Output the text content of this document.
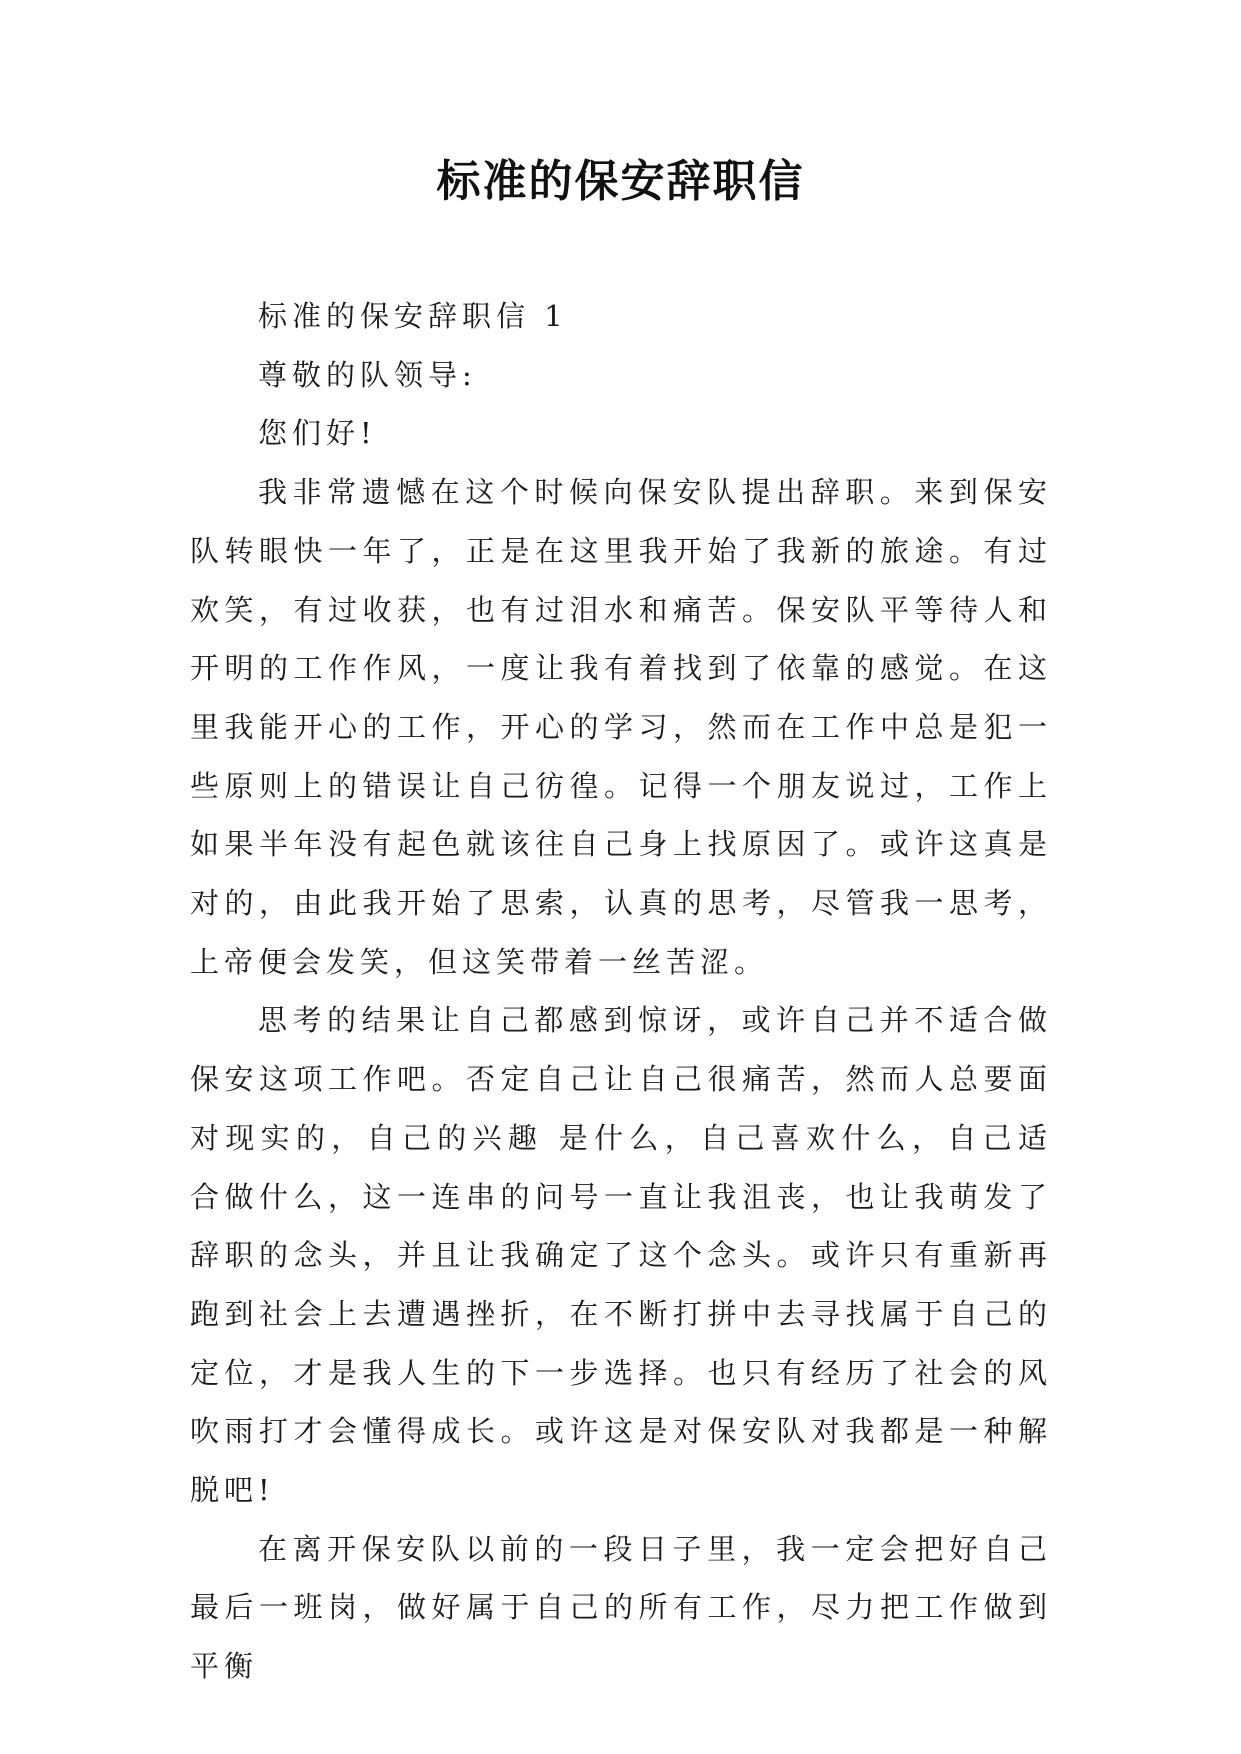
标准的保安辞职信

标准的保安辞职信 1

尊敬的队领导:

您们好!

我非常遗憾在这个时候向保安队提出辞职。来到保安队转眼快一年了，正是在这里我开始了我新的旅途。有过欢笑，有过收获，也有过泪水和痛苦。保安队平等待人和开明的工作作风，一度让我有着找到了依靠的感觉。在这里我能开心的工作，开心的学习，然而在工作中总是犯一些原则上的错误让自己彷徨。记得一个朋友说过，工作上如果半年没有起色就该往自己身上找原因了。或许这真是对的，由此我开始了思索，认真的思考，尽管我一思考，上帝便会发笑，但这笑带着一丝苦涩。

思考的结果让自己都感到惊讶，或许自己并不适合做保安这项工作吧。否定自己让自己很痛苦，然而人总要面对现实的，自己的兴趣 是什么，自己喜欢什么，自己适合做什么，这一连串的问号一直让我沮丧，也让我萌发了辞职的念头，并且让我确定了这个念头。或许只有重新再跑到社会上去遭遇挫折，在不断打拼中去寻找属于自己的定位，才是我人生的下一步选择。也只有经历了社会的风吹雨打才会懂得成长。或许这是对保安队对我都是一种解脱吧!

在离开保安队以前的一段日子里，我一定会把好自己最后一班岗，做好属于自己的所有工作，尽力把工作做到平衡
